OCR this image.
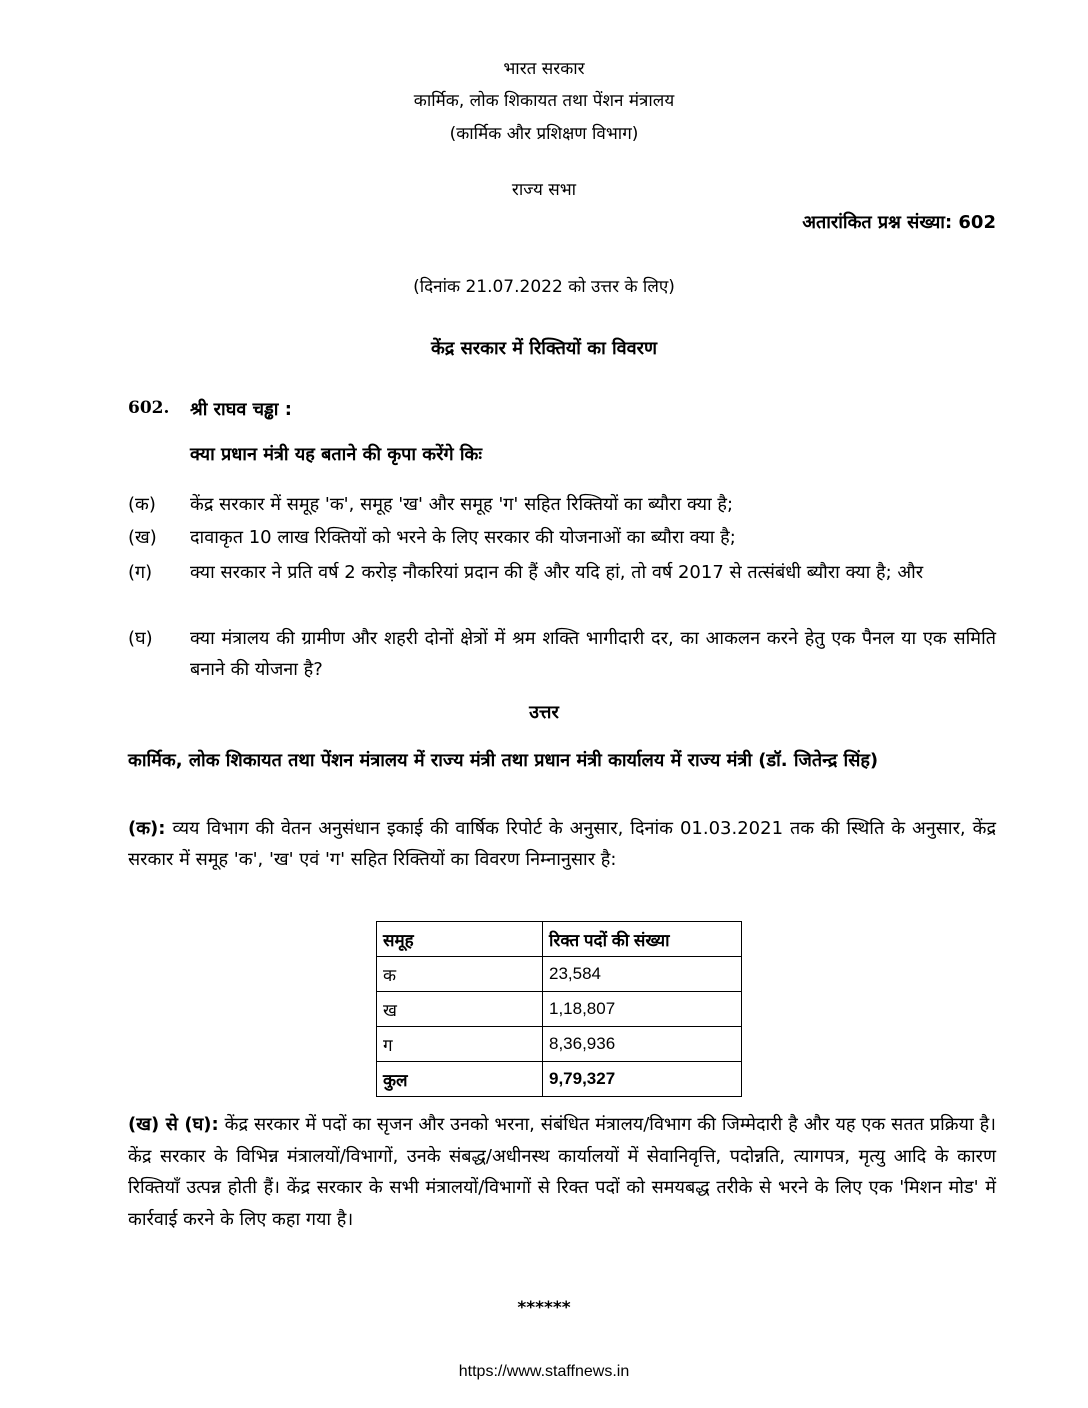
भारत सरकार
कार्मिक, लोक शिकायत तथा पेंशन मंत्रालय
(कार्मिक और प्रशिक्षण विभाग)
राज्य सभा
अतारांकित प्रश्न संख्या: 602
(दिनांक 21.07.2022 को उत्तर के लिए)
केंद्र सरकार में रिक्तियों का विवरण
602. श्री राघव चड्ढा :
क्या प्रधान मंत्री यह बताने की कृपा करेंगे किः
(क)	केंद्र सरकार में समूह 'क', समूह 'ख' और समूह 'ग' सहित रिक्तियों का ब्यौरा क्या है;
(ख)	दावाकृत 10 लाख रिक्तियों को भरने के लिए सरकार की योजनाओं का ब्यौरा क्या है;
(ग)	क्या सरकार ने प्रति वर्ष 2 करोड़ नौकरियां प्रदान की हैं और यदि हां, तो वर्ष 2017 से तत्संबंधी ब्यौरा क्या है; और
(घ)	क्या मंत्रालय की ग्रामीण और शहरी दोनों क्षेत्रों में श्रम शक्ति भागीदारी दर, का आकलन करने हेतु एक पैनल या एक समिति बनाने की योजना है?
उत्तर
कार्मिक, लोक शिकायत तथा पेंशन मंत्रालय में राज्य मंत्री तथा प्रधान मंत्री कार्यालय में राज्य मंत्री (डॉ. जितेन्द्र सिंह)
(क): व्यय विभाग की वेतन अनुसंधान इकाई की वार्षिक रिपोर्ट के अनुसार, दिनांक 01.03.2021 तक की स्थिति के अनुसार, केंद्र सरकार में समूह 'क', 'ख' एवं 'ग' सहित रिक्तियों का विवरण निम्नानुसार है:
समूह	रिक्त पदों की संख्या
क	23,584
ख	1,18,807
ग	8,36,936
कुल	9,79,327
(ख) से (घ): केंद्र सरकार में पदों का सृजन और उनको भरना, संबंधित मंत्रालय/विभाग की जिम्मेदारी है और यह एक सतत प्रक्रिया है। केंद्र सरकार के विभिन्न मंत्रालयों/विभागों, उनके संबद्ध/अधीनस्थ कार्यालयों में सेवानिवृत्ति, पदोन्नति, त्यागपत्र, मृत्यु आदि के कारण रिक्तियाँ उत्पन्न होती हैं। केंद्र सरकार के सभी मंत्रालयों/विभागों से रिक्त पदों को समयबद्ध तरीके से भरने के लिए एक 'मिशन मोड' में कार्रवाई करने के लिए कहा गया है।
******
https://www.staffnews.in
